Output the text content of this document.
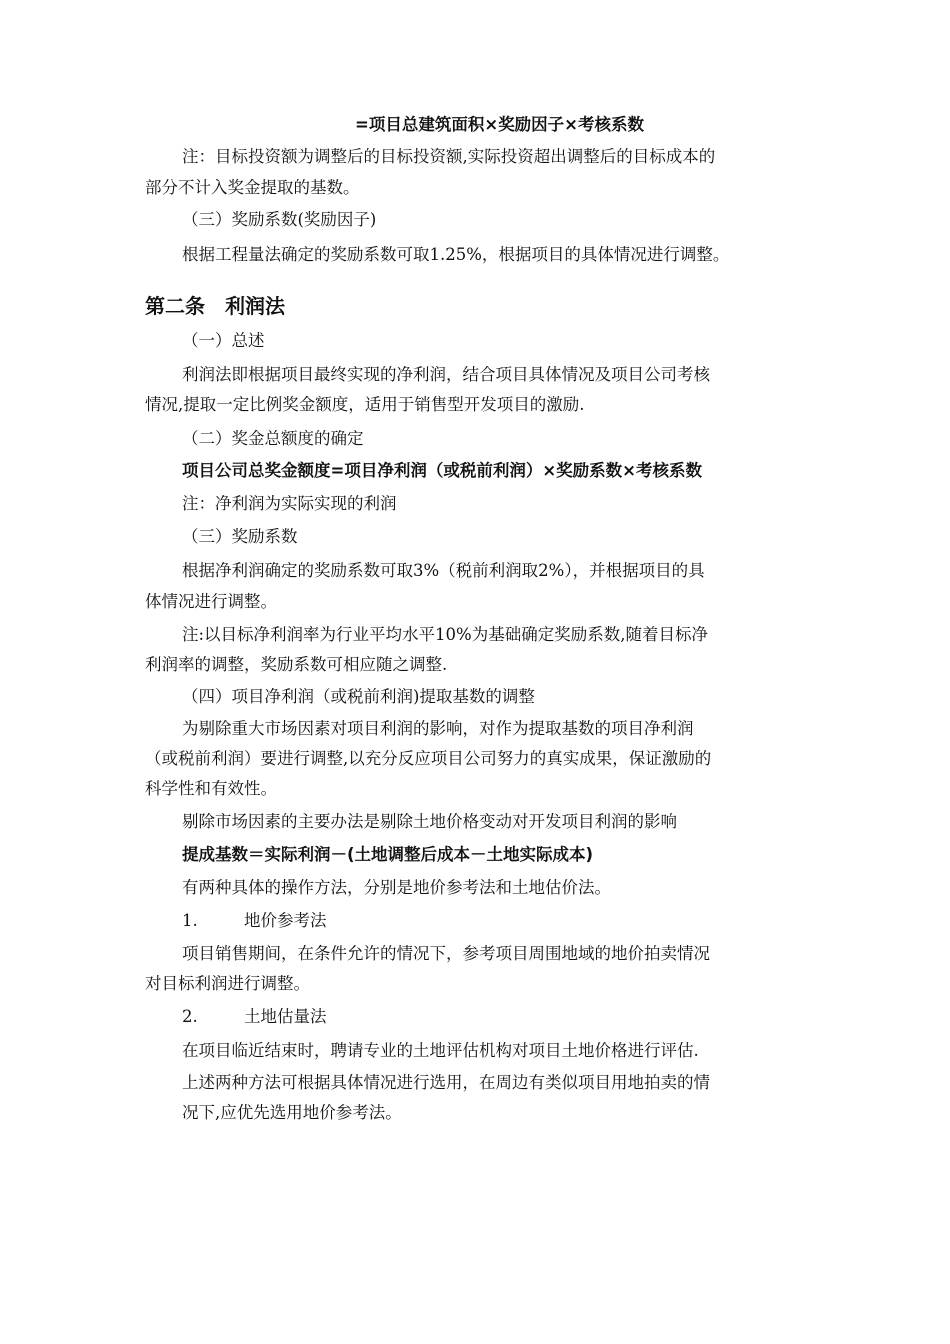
=项目总建筑面积×奖励因子×考核系数
注：目标投资额为调整后的目标投资额,实际投资超出调整后的目标成本的
部分不计入奖金提取的基数。
（三）奖励系数(奖励因子)
根据工程量法确定的奖励系数可取1.25%，根据项目的具体情况进行调整。
第二条　利润法
（一）总述
利润法即根据项目最终实现的净利润，结合项目具体情况及项目公司考核
情况,提取一定比例奖金额度，适用于销售型开发项目的激励.
（二）奖金总额度的确定
项目公司总奖金额度=项目净利润（或税前利润）×奖励系数×考核系数
注：净利润为实际实现的利润
（三）奖励系数
根据净利润确定的奖励系数可取3%（税前利润取2%），并根据项目的具
体情况进行调整。
注:以目标净利润率为行业平均水平10%为基础确定奖励系数,随着目标净
利润率的调整，奖励系数可相应随之调整.
（四）项目净利润（或税前利润)提取基数的调整
为剔除重大市场因素对项目利润的影响，对作为提取基数的项目净利润
（或税前利润）要进行调整,以充分反应项目公司努力的真实成果，保证激励的
科学性和有效性。
剔除市场因素的主要办法是剔除土地价格变动对开发项目利润的影响
提成基数＝实际利润－(土地调整后成本－土地实际成本)
有两种具体的操作方法，分别是地价参考法和土地估价法。
1.	地价参考法
项目销售期间，在条件允许的情况下，参考项目周围地域的地价拍卖情况
对目标利润进行调整。
2.	土地估量法
在项目临近结束时，聘请专业的土地评估机构对项目土地价格进行评估.
上述两种方法可根据具体情况进行选用，在周边有类似项目用地拍卖的情
况下,应优先选用地价参考法。
